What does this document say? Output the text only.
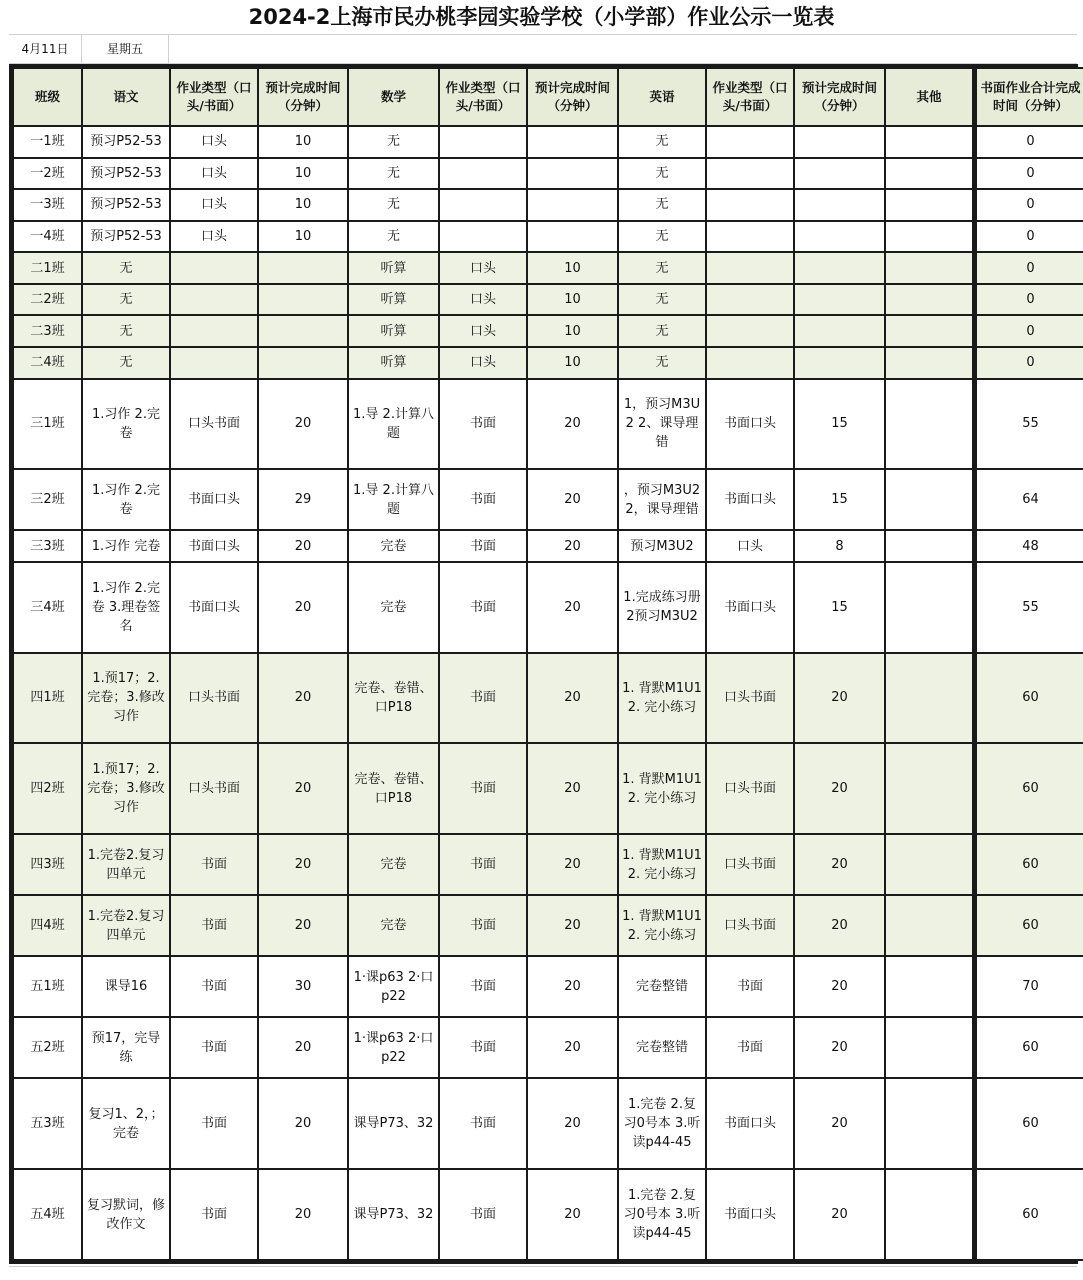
2024-2上海市民办桃李园实验学校（小学部）作业公示一览表
4月11日	星期五
班级	语文	作业类型（口头/书面）	预计完成时间（分钟）	数学	作业类型（口头/书面）	预计完成时间（分钟）	英语	作业类型（口头/书面）	预计完成时间（分钟）	其他	书面作业合计完成时间（分钟）

一1班	预习P52-53	口头	10	无			无				0

一2班	预习P52-53	口头	10	无			无				0

一3班	预习P52-53	口头	10	无			无				0

一4班	预习P52-53	口头	10	无			无				0

二1班	无			听算	口头	10	无				0

二2班	无			听算	口头	10	无				0

二3班	无			听算	口头	10	无				0

二4班	无			听算	口头	10	无				0

三1班	1.习作 2.完卷	口头书面	20	1.导 2.计算八题	书面	20	1，预习M3U2 2、课导理错	书面口头	15		55

三2班	1.习作 2.完卷	书面口头	29	1.导 2.计算八题	书面	20	，预习M3U2 2，课导理错	书面口头	15		64

三3班	1.习作 完卷	书面口头	20	完卷	书面	20	预习M3U2	口头	8		48

三4班	1.习作 2.完卷 3.理卷签名	书面口头	20	完卷	书面	20	1.完成练习册 2预习M3U2	书面口头	15		55

四1班	1.预17；2.完卷；3.修改习作	口头书面	20	完卷、卷错、口P18	书面	20	1. 背默M1U1 2. 完小练习	口头书面	20		60

四2班	1.预17；2.完卷；3.修改习作	口头书面	20	完卷、卷错、口P18	书面	20	1. 背默M1U1 2. 完小练习	口头书面	20		60

四3班	1.完卷2.复习四单元	书面	20	完卷	书面	20	1. 背默M1U1 2. 完小练习	口头书面	20		60

四4班	1.完卷2.复习四单元	书面	20	完卷	书面	20	1. 背默M1U1 2. 完小练习	口头书面	20		60

五1班	课导16	书面	30	1·课p63 2·口p22	书面	20	完卷整错	书面	20		70

五2班	预17，完导练	书面	20	1·课p63 2·口p22	书面	20	完卷整错	书面	20		60

五3班	复习1、2，；完卷	书面	20	课导P73、32	书面	20	1.完卷 2.复习0号本 3.听读p44-45	书面口头	20		60

五4班	复习默词，修改作文	书面	20	课导P73、32	书面	20	1.完卷 2.复习0号本 3.听读p44-45	书面口头	20		60
